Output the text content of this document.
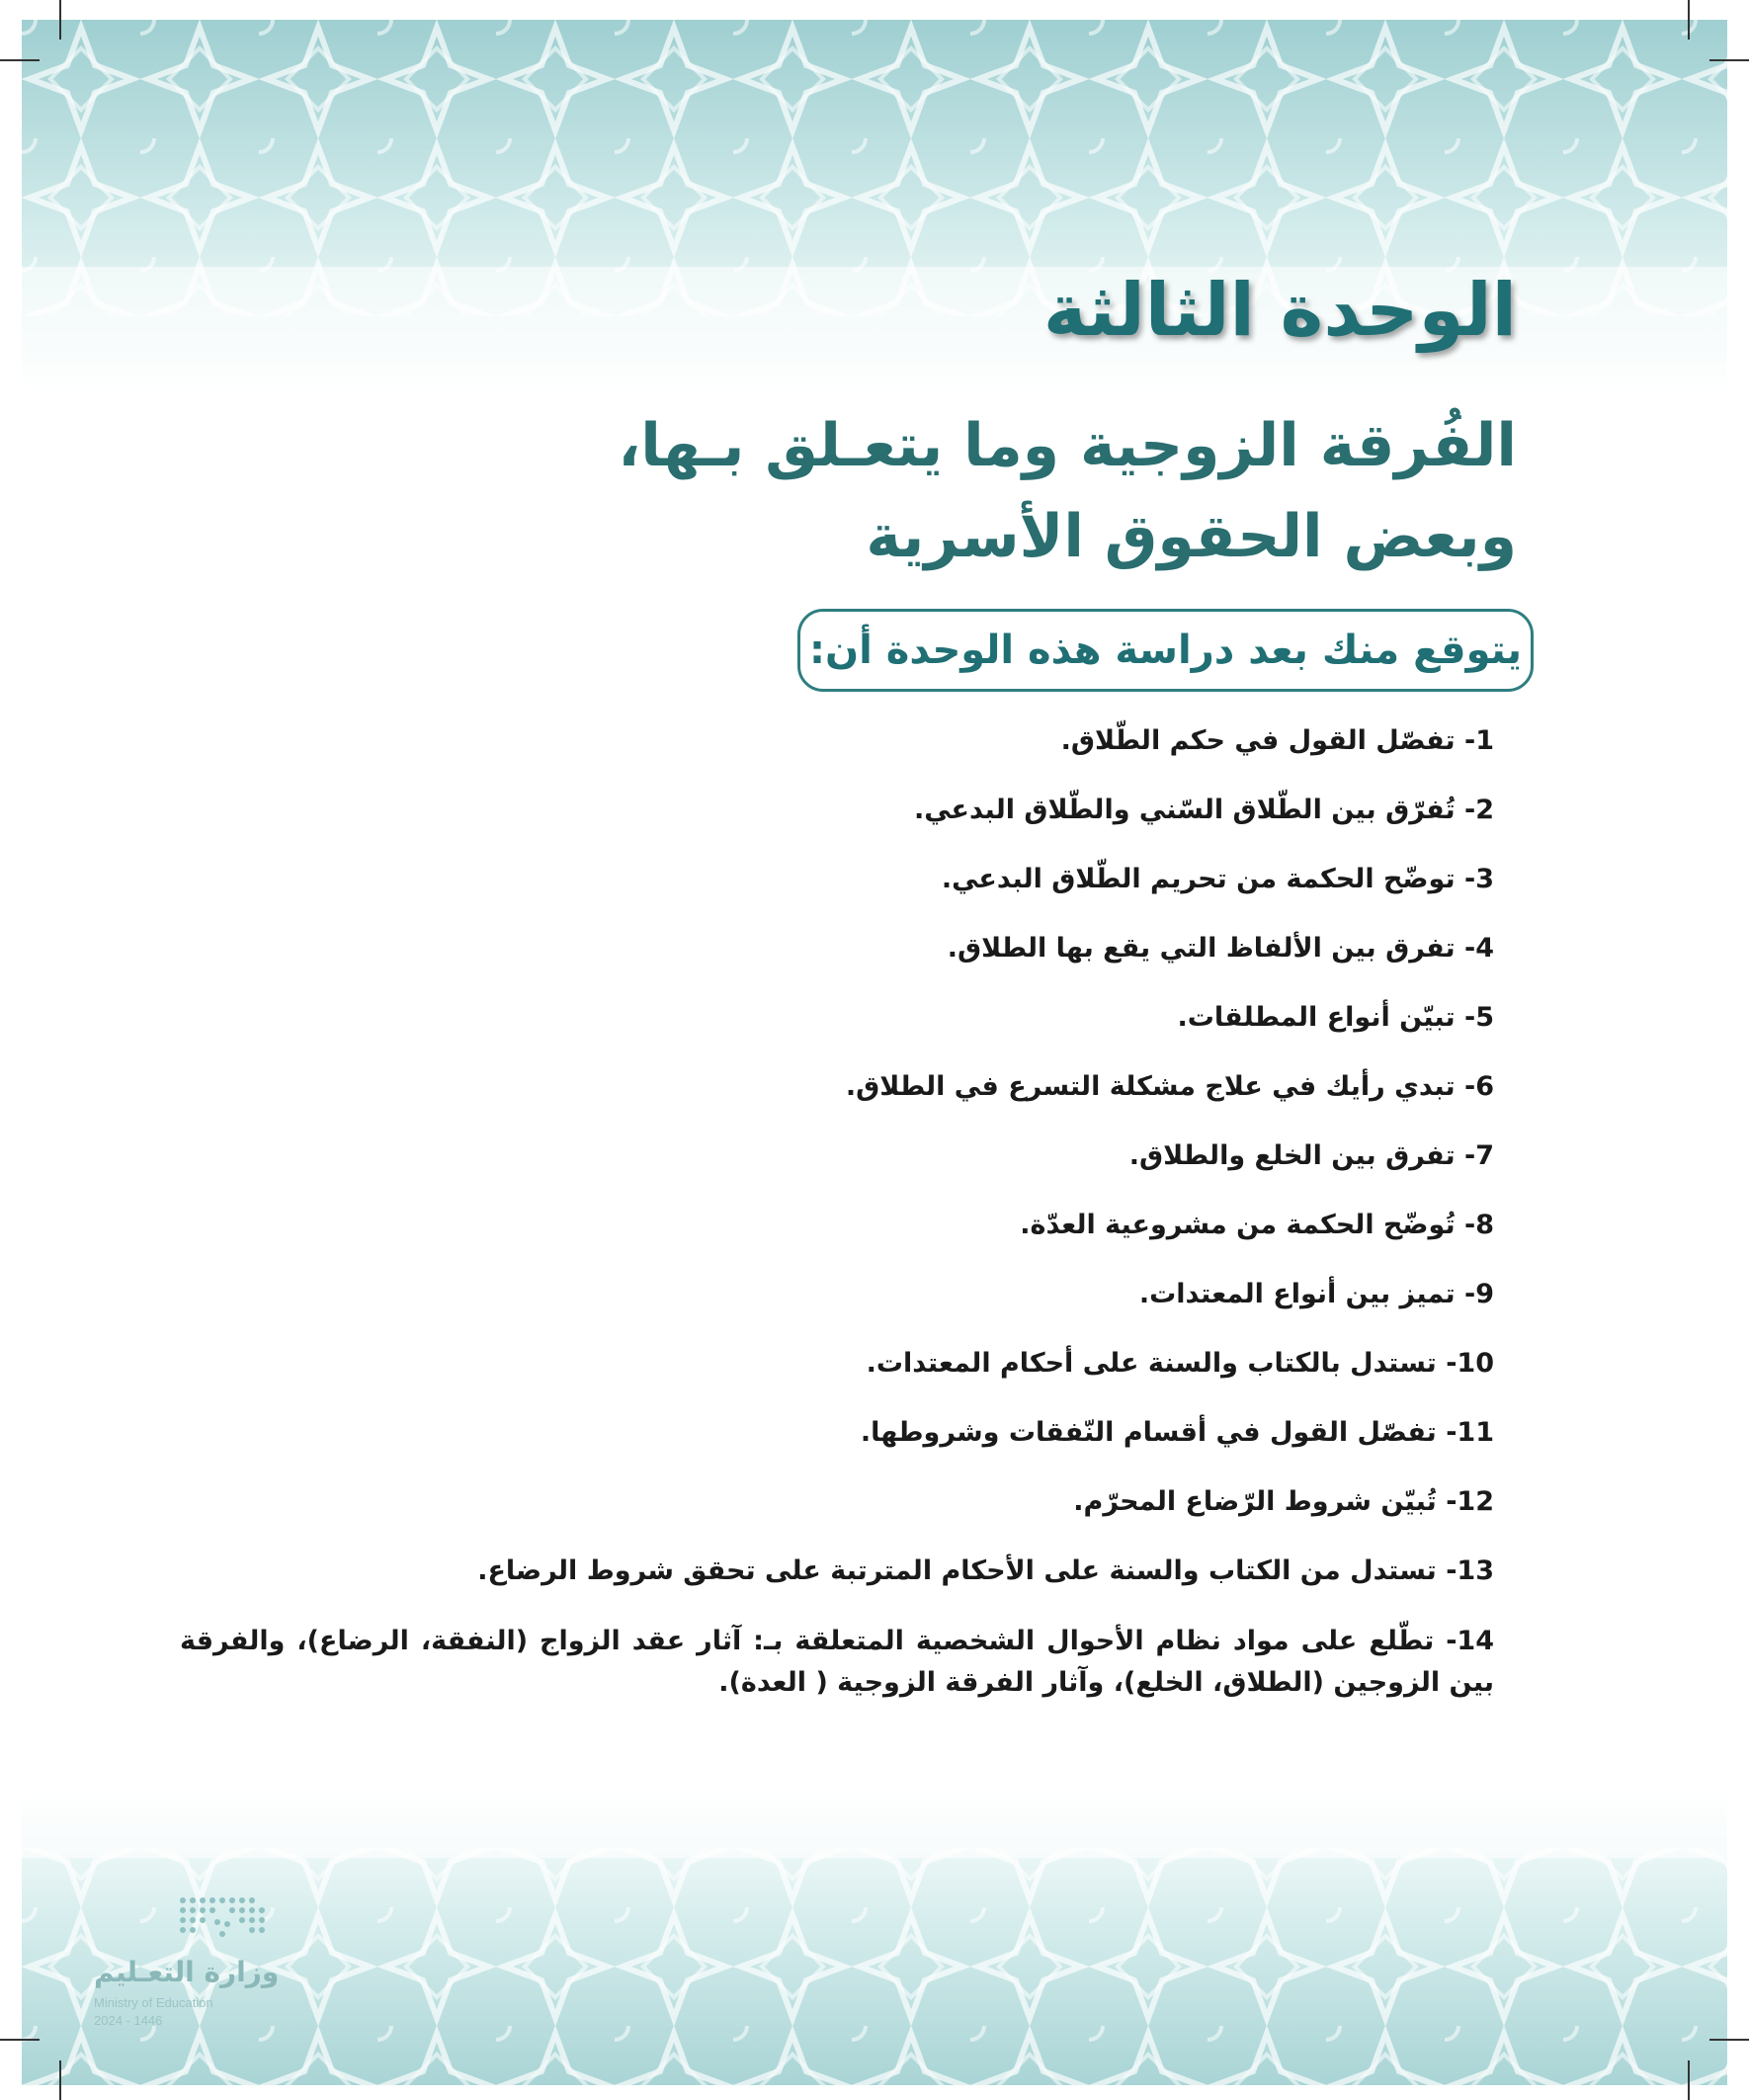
الوحدة الثالثة
الفُرقة الزوجية وما يتعـلق بـها،
وبعض الحقوق الأسرية
يتوقع منك بعد دراسة هذه الوحدة أن:
1- تفصّل القول في حكم الطّلاق.
2- تُفرّق بين الطّلاق السّني والطّلاق البدعي.
3- توضّح الحكمة من تحريم الطّلاق البدعي.
4- تفرق بين الألفاظ التي يقع بها الطلاق.
5- تبيّن أنواع المطلقات.
6- تبدي رأيك في علاج مشكلة التسرع في الطلاق.
7- تفرق بين الخلع والطلاق.
8- تُوضّح الحكمة من مشروعية العدّة.
9- تميز بين أنواع المعتدات.
10- تستدل بالكتاب والسنة على أحكام المعتدات.
11- تفصّل القول في أقسام النّفقات وشروطها.
12- تُبيّن شروط الرّضاع المحرّم.
13- تستدل من الكتاب والسنة على الأحكام المترتبة على تحقق شروط الرضاع.
14- تطّلع على مواد نظام الأحوال الشخصية المتعلقة بـ: آثار عقد الزواج (النفقة، الرضاع)، والفرقة بين الزوجين (الطلاق، الخلع)، وآثار الفرقة الزوجية ( العدة).
وزارة التعـليم
Ministry of Education
2024 - 1446
